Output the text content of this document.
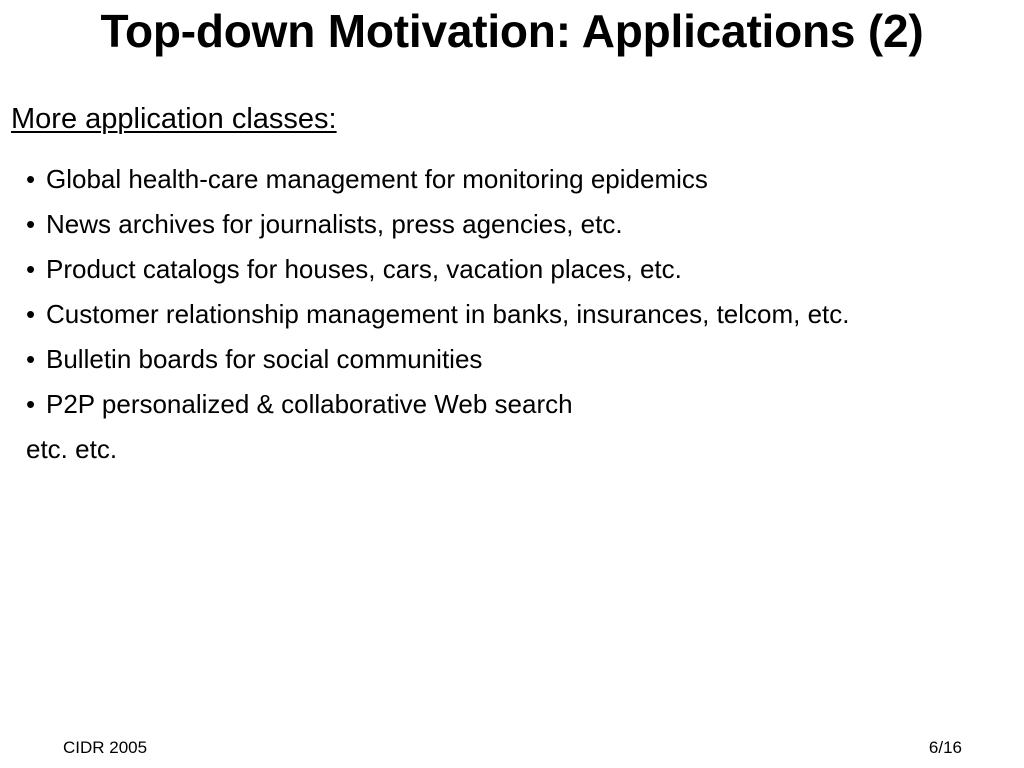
Top-down Motivation: Applications (2)
More application classes:
• Global health-care management for monitoring epidemics
• News archives for journalists, press agencies, etc.
• Product catalogs for houses, cars, vacation places, etc.
• Customer relationship management in banks, insurances, telcom, etc.
• Bulletin boards for social communities
• P2P personalized & collaborative Web search
etc. etc.
CIDR 2005	6/16
